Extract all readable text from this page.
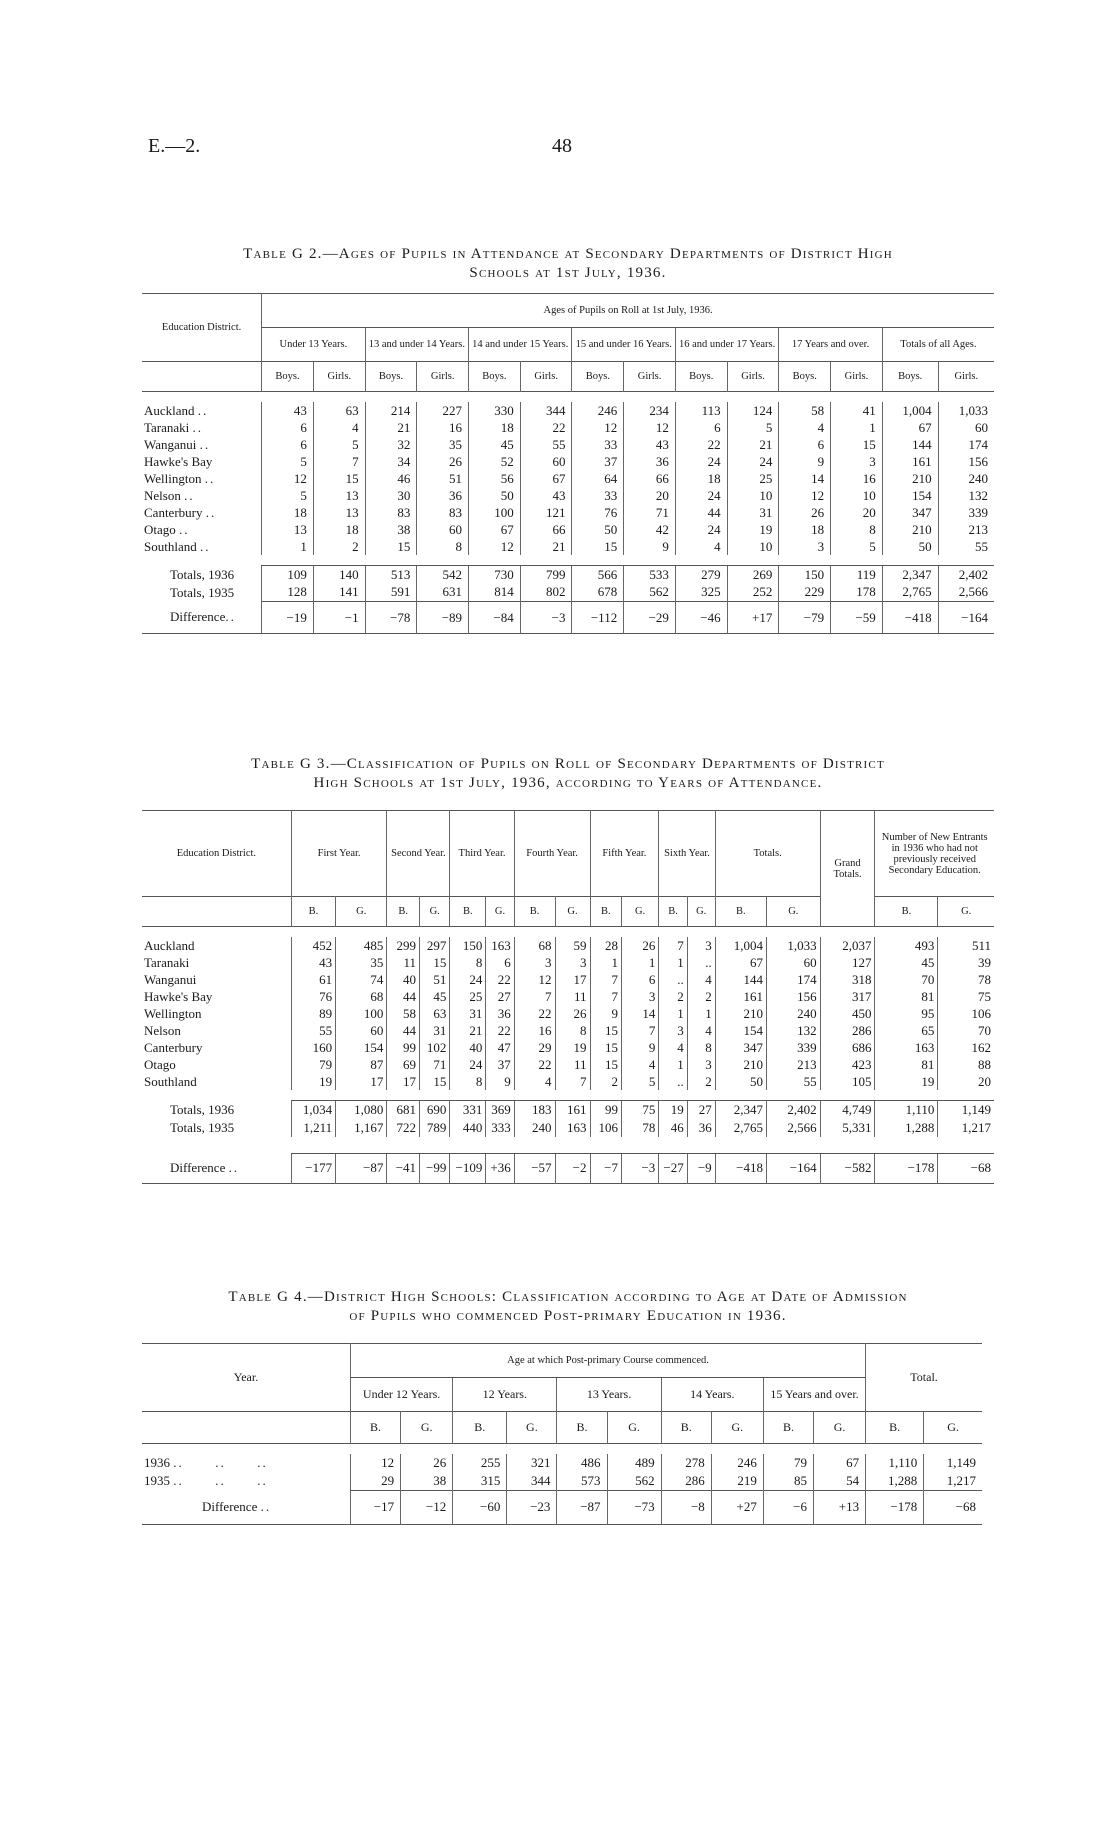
E.—2.	48
Table G 2.—Ages of Pupils in Attendance at Secondary Departments of District High
Schools at 1st July, 1936.
Education District.	Ages of Pupils on Roll at 1st July, 1936.													
	Under 13 Years.		13 and under 14 Years.		14 and under 15 Years.		15 and under 16 Years.		16 and under 17 Years.		17 Years and over.		Totals of all Ages.	
	Boys.	Girls.	Boys.	Girls.	Boys.	Girls.	Boys.	Girls.	Boys.	Girls.	Boys.	Girls.	Boys.	Girls.

Auckland ..	43	63	214	227	330	344	246	234	113	124	58	41	1,004	1,033
Taranaki ..	6	4	21	16	18	22	12	12	6	5	4	1	67	60
Wanganui ..	6	5	32	35	45	55	33	43	22	21	6	15	144	174
Hawke's Bay	5	7	34	26	52	60	37	36	24	24	9	3	161	156
Wellington ..	12	15	46	51	56	67	64	66	18	25	14	16	210	240
Nelson ..	5	13	30	36	50	43	33	20	24	10	12	10	154	132
Canterbury ..	18	13	83	83	100	121	76	71	44	31	26	20	347	339
Otago ..	13	18	38	60	67	66	50	42	24	19	18	8	210	213
Southland ..	1	2	15	8	12	21	15	9	4	10	3	5	50	55

Totals, 1936	109	140	513	542	730	799	566	533	279	269	150	119	2,347	2,402
Totals, 1935	128	141	591	631	814	802	678	562	325	252	229	178	2,765	2,566
Difference..	−19	−1	−78	−89	−84	−3	−112	−29	−46	+17	−79	−59	−418	−164
Table G 3.—Classification of Pupils on Roll of Secondary Departments of District
High Schools at 1st July, 1936, according to Years of Attendance.
Education District.	First Year.		Second Year.		Third Year.		Fourth Year.		Fifth Year.		Sixth Year.		Totals.		Grand Totals.	Number of New Entrants in 1936 who had not previously received Secondary Education.	
	B.	G.	B.	G.	B.	G.	B.	G.	B.	G.	B.	G.	B.	G.		B.	G.

Auckland	452	485	299	297	150	163	68	59	28	26	7	3	1,004	1,033	2,037	493	511
Taranaki	43	35	11	15	8	6	3	3	1	1	1	..	67	60	127	45	39
Wanganui	61	74	40	51	24	22	12	17	7	6	..	4	144	174	318	70	78
Hawke's Bay	76	68	44	45	25	27	7	11	7	3	2	2	161	156	317	81	75
Wellington	89	100	58	63	31	36	22	26	9	14	1	1	210	240	450	95	106
Nelson	55	60	44	31	21	22	16	8	15	7	3	4	154	132	286	65	70
Canterbury	160	154	99	102	40	47	29	19	15	9	4	8	347	339	686	163	162
Otago	79	87	69	71	24	37	22	11	15	4	1	3	210	213	423	81	88
Southland	19	17	17	15	8	9	4	7	2	5	..	2	50	55	105	19	20

Totals, 1936	1,034	1,080	681	690	331	369	183	161	99	75	19	27	2,347	2,402	4,749	1,110	1,149
Totals, 1935	1,211	1,167	722	789	440	333	240	163	106	78	46	36	2,765	2,566	5,331	1,288	1,217

Difference ..	−177	−87	−41	−99	−109	+36	−57	−2	−7	−3	−27	−9	−418	−164	−582	−178	−68
Table G 4.—District High Schools: Classification according to Age at Date of Admission
of Pupils who commenced Post-primary Education in 1936.
Year.	Age at which Post-primary Course commenced.										Total.	
	Under 12 Years.		12 Years.		13 Years.		14 Years.		15 Years and over.			
	B.	G.	B.	G.	B.	G.	B.	G.	B.	G.	B.	G.

1936 ..      ..      ..	12	26	255	321	486	489	278	246	79	67	1,110	1,149
1935 ..      ..      ..	29	38	315	344	573	562	286	219	85	54	1,288	1,217
Difference ..	−17	−12	−60	−23	−87	−73	−8	+27	−6	+13	−178	−68
